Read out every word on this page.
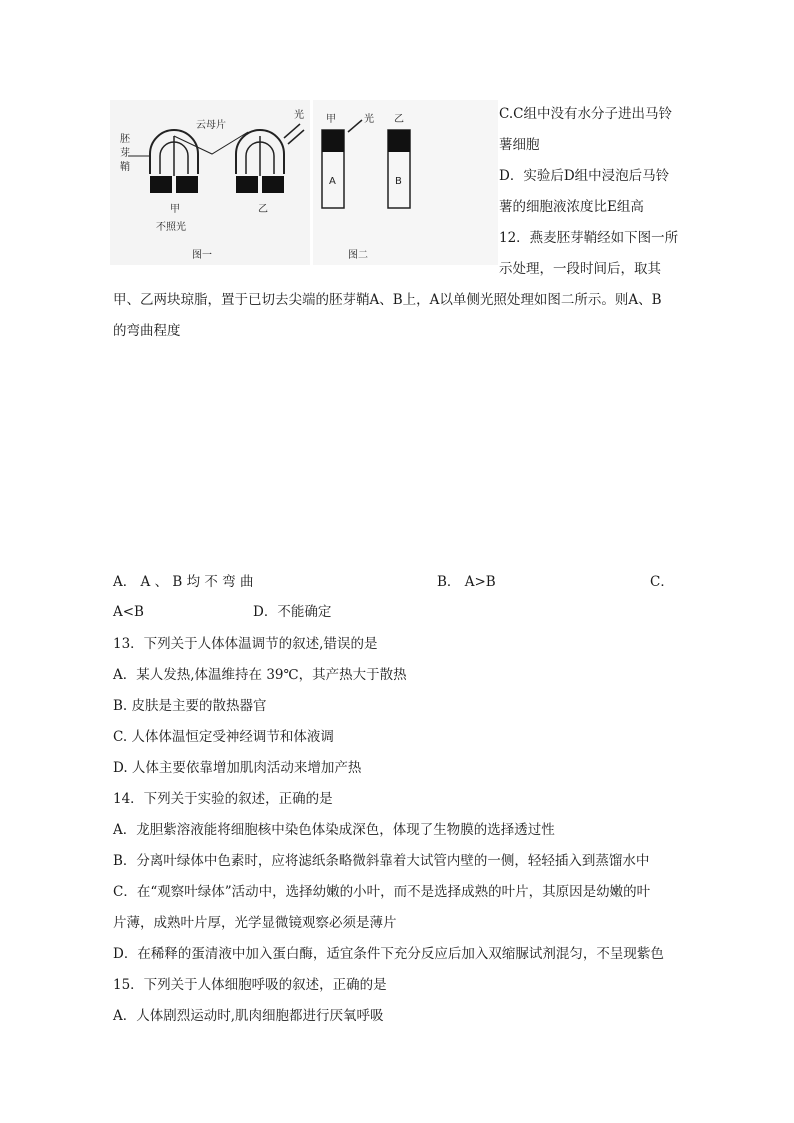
胚
芽
鞘
云母片
光
甲	乙
不照光
图一
甲	光 乙
A	B
图二
C.C组中没有水分子进出马铃
薯细胞
D．实验后D组中浸泡后马铃
薯的细胞液浓度比E组高
12．燕麦胚芽鞘经如下图一所
示处理，一段时间后，取其
甲、乙两块琼脂，置于已切去尖端的胚芽鞘A、B上，A以单侧光照处理如图二所示。则A、B
的弯曲程度
A． A 、 B 均 不 弯 曲	B． A>B	C．
A<B	D．不能确定
13．下列关于人体体温调节的叙述,错误的是
A．某人发热,体温维持在 39℃，其产热大于散热
B. 皮肤是主要的散热器官
C. 人体体温恒定受神经调节和体液调
D. 人体主要依靠增加肌肉活动来增加产热
14．下列关于实验的叙述，正确的是
A．龙胆紫溶液能将细胞核中染色体染成深色，体现了生物膜的选择透过性
B．分离叶绿体中色素时，应将滤纸条略微斜靠着大试管内壁的一侧，轻轻插入到蒸馏水中
C．在“观察叶绿体”活动中，选择幼嫩的小叶，而不是选择成熟的叶片，其原因是幼嫩的叶
片薄，成熟叶片厚，光学显微镜观察必须是薄片
D．在稀释的蛋清液中加入蛋白酶，适宜条件下充分反应后加入双缩脲试剂混匀，不呈现紫色
15．下列关于人体细胞呼吸的叙述，正确的是
A．人体剧烈运动时,肌肉细胞都进行厌氧呼吸
